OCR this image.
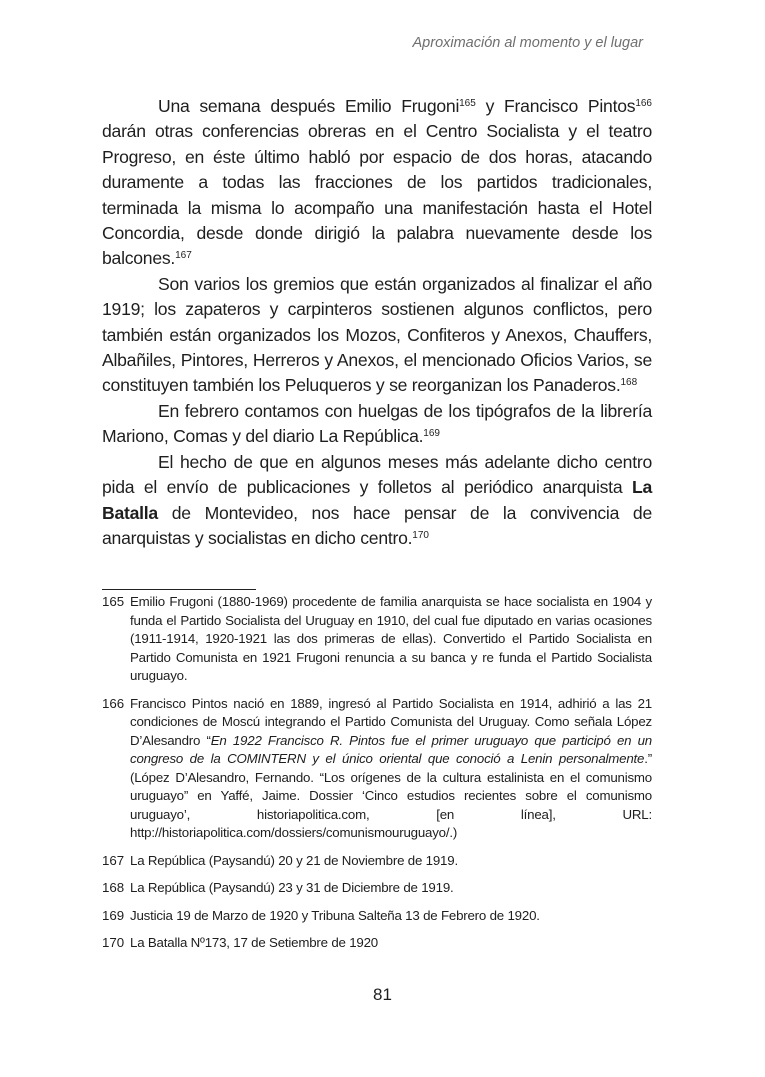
Aproximación al momento y el lugar

Una semana después Emilio Frugoni$^{165}$ y Francisco Pintos$^{166}$ darán otras conferencias obreras en el Centro Socialista y el teatro Progreso, en éste último habló por espacio de dos horas, atacando duramente a todas las fracciones de los partidos tradicionales, terminada la misma lo acompaño una manifestación hasta el Hotel Concordia, desde donde dirigió la palabra nuevamente desde los balcones.$^{167}$

Son varios los gremios que están organizados al finalizar el año 1919; los zapateros y carpinteros sostienen algunos conflictos, pero también están organizados los Mozos, Confiteros y Anexos, Chauffers, Albañiles, Pintores, Herreros y Anexos, el mencionado Oficios Varios, se constituyen también los Peluqueros y se reorganizan los Panaderos.$^{168}$

En febrero contamos con huelgas de los tipógrafos de la librería Mariono, Comas y del diario La República.$^{169}$

El hecho de que en algunos meses más adelante dicho centro pida el envío de publicaciones y folletos al periódico anarquista La Batalla de Montevideo, nos hace pensar de la convivencia de anarquistas y socialistas en dicho centro.$^{170}$

165 Emilio Frugoni (1880-1969) procedente de familia anarquista se hace socialista en 1904 y funda el Partido Socialista del Uruguay en 1910, del cual fue diputado en varias ocasiones (1911-1914, 1920-1921 las dos primeras de ellas). Convertido el Partido Socialista en Partido Comunista en 1921 Frugoni renuncia a su banca y re funda el Partido Socialista uruguayo.
166 Francisco Pintos nació en 1889, ingresó al Partido Socialista en 1914, adhirió a las 21 condiciones de Moscú integrando el Partido Comunista del Uruguay. Como señala López D’Alesandro “En 1922 Francisco R. Pintos fue el primer uruguayo que participó en un congreso de la COMINTERN y el único oriental que conoció a Lenin personalmente.” (López D’Alesandro, Fernando. “Los orígenes de la cultura estalinista en el comunismo uruguayo” en Yaffé, Jaime. Dossier ‘Cinco estudios recientes sobre el comunismo uruguayo’, historiapolitica.com, [en línea], URL: http://historiapolitica.com/dossiers/comunismouruguayo/.)
167 La República (Paysandú) 20 y 21 de Noviembre de 1919.
168 La República (Paysandú) 23 y 31 de Diciembre de 1919.
169 Justicia 19 de Marzo de 1920 y Tribuna Salteña 13 de Febrero de 1920.
170 La Batalla Nº173, 17 de Setiembre de 1920
81
